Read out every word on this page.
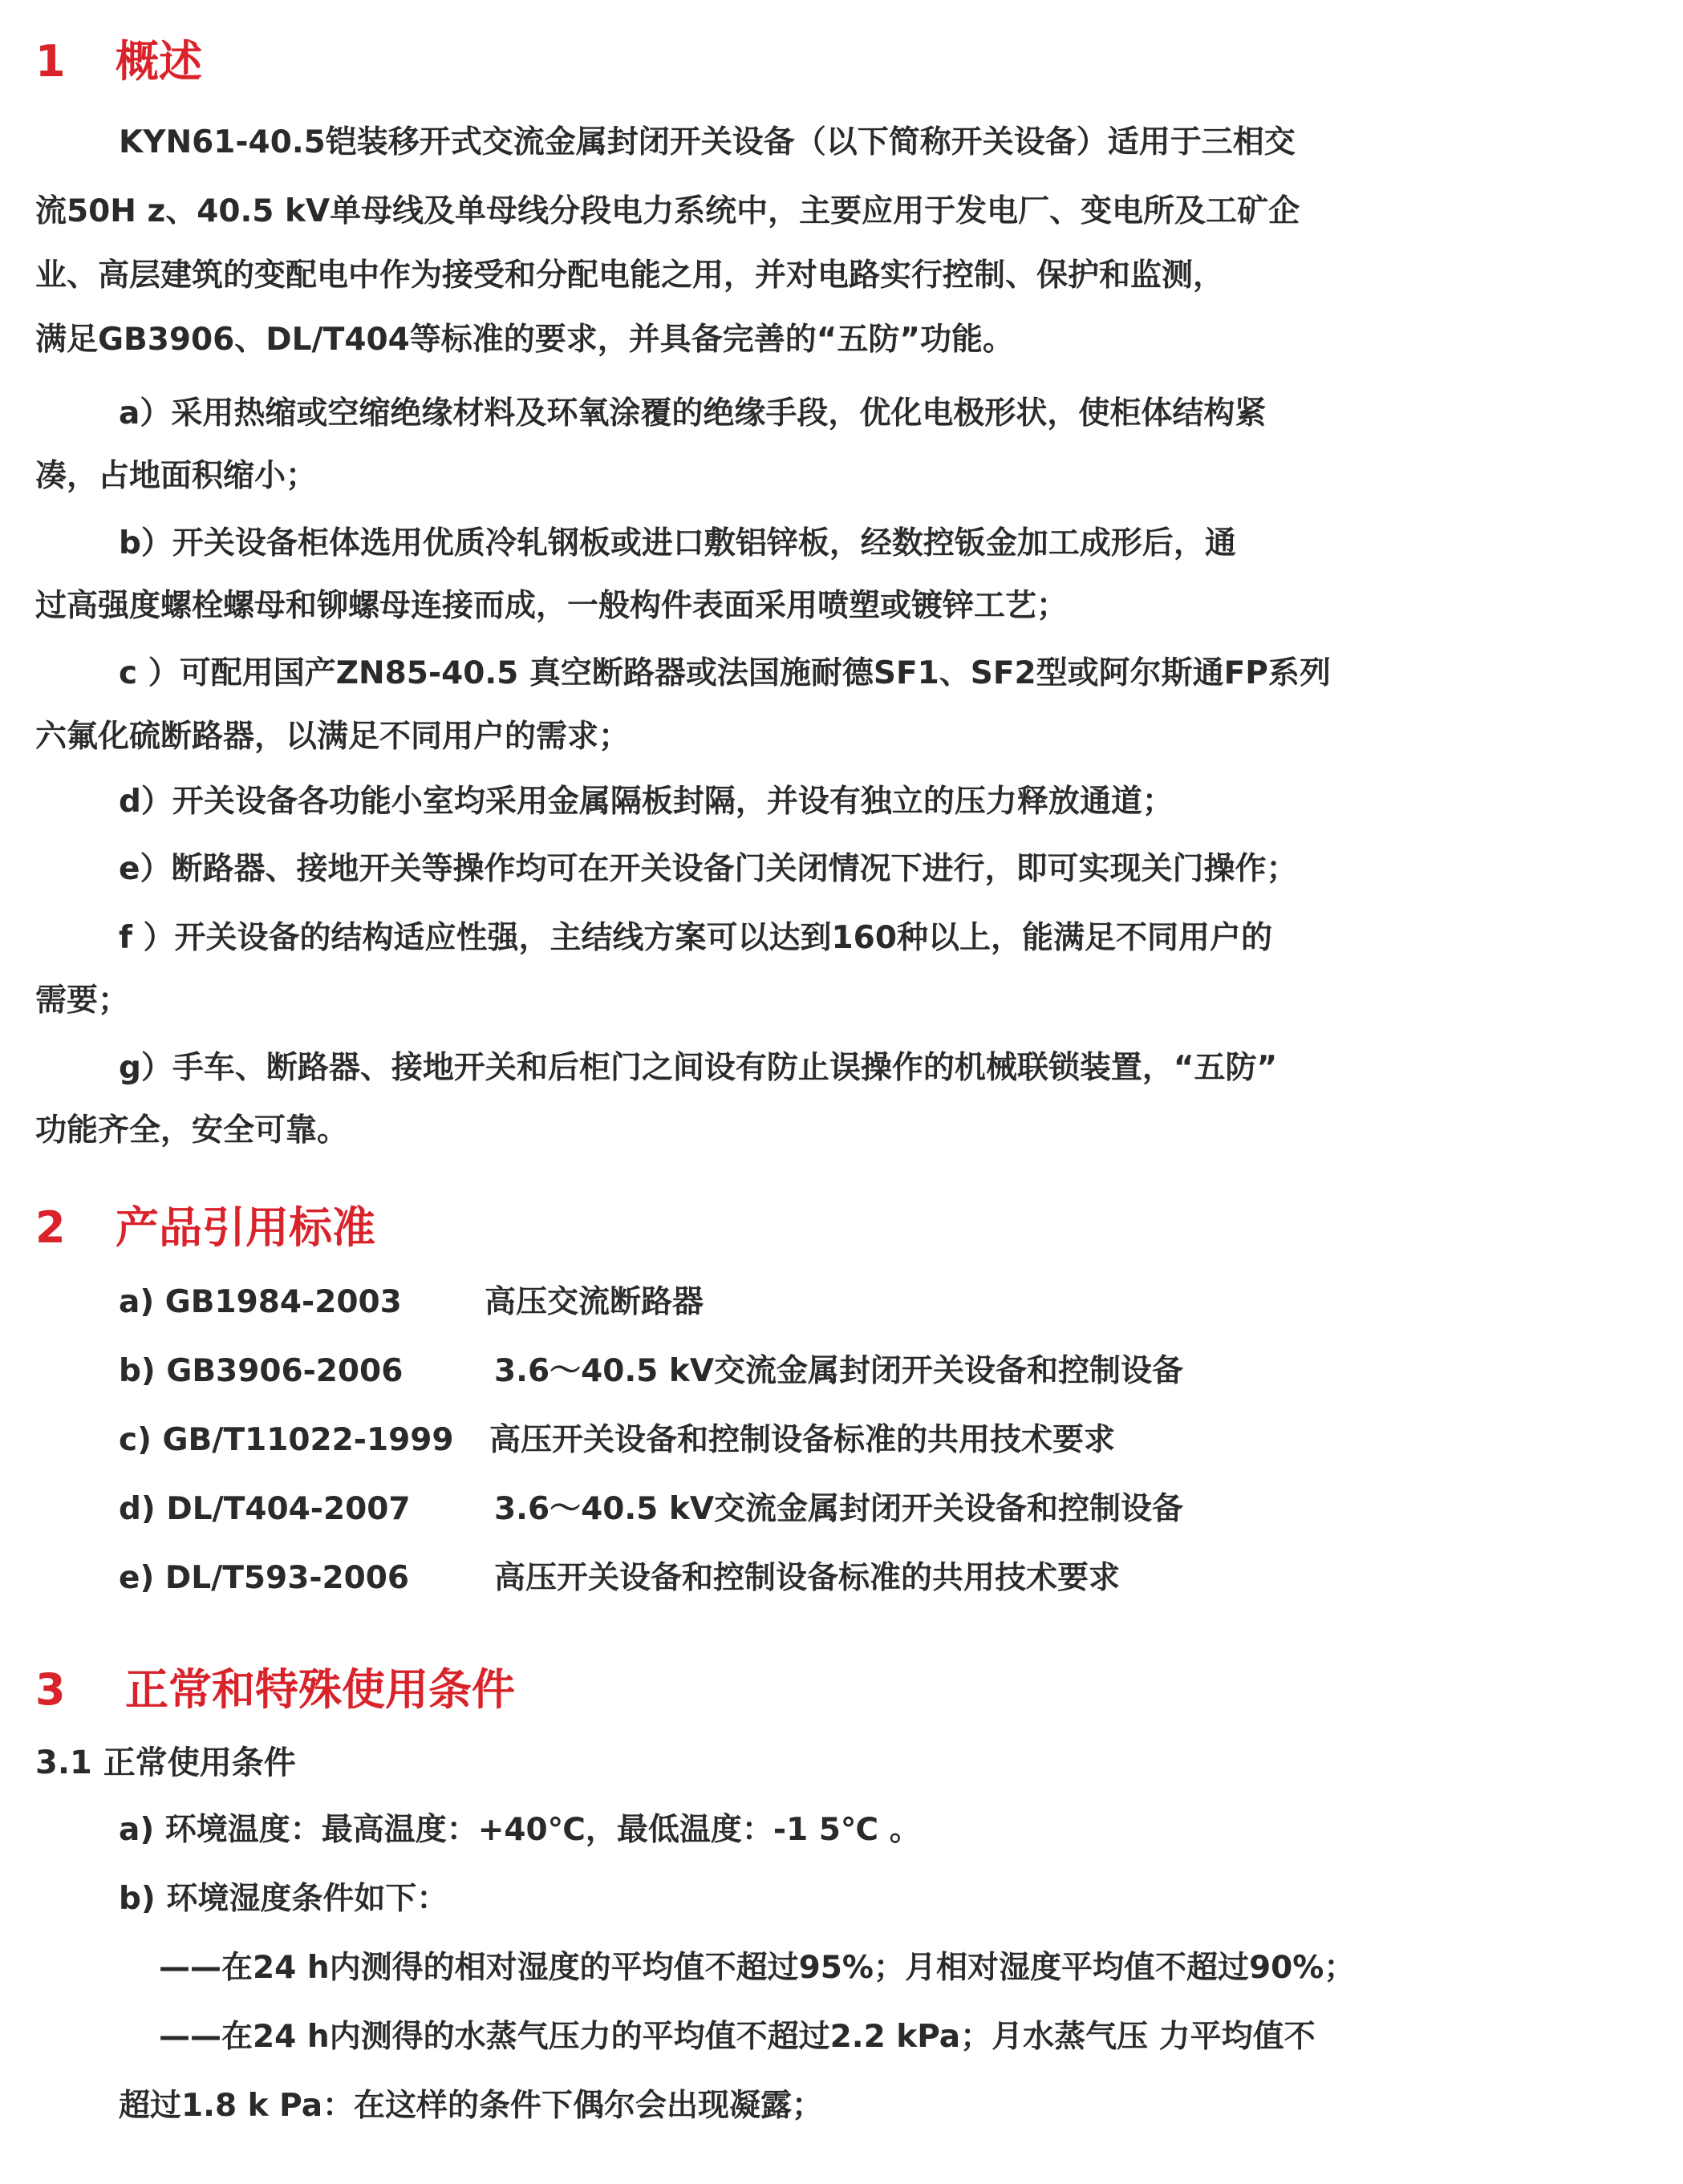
1 概述
KYN61-40.5铠装移开式交流金属封闭开关设备（以下简称开关设备）适用于三相交
流50H z、40.5 kV单母线及单母线分段电力系统中，主要应用于发电厂、变电所及工矿企
业、高层建筑的变配电中作为接受和分配电能之用，并对电路实行控制、保护和监测，
满足GB3906、DL/T404等标准的要求，并具备完善的“五防”功能。
a）采用热缩或空缩绝缘材料及环氧涂覆的绝缘手段，优化电极形状，使柜体结构紧
凑，占地面积缩小；
b）开关设备柜体选用优质冷轧钢板或进口敷铝锌板，经数控钣金加工成形后，通
过高强度螺栓螺母和铆螺母连接而成，一般构件表面采用喷塑或镀锌工艺；
c ）可配用国产ZN85-40.5 真空断路器或法国施耐德SF1、SF2型或阿尔斯通FP系列
六氟化硫断路器，以满足不同用户的需求；
d）开关设备各功能小室均采用金属隔板封隔，并设有独立的压力释放通道；
e）断路器、接地开关等操作均可在开关设备门关闭情况下进行，即可实现关门操作；
f ）开关设备的结构适应性强，主结线方案可以达到160种以上，能满足不同用户的
需要；
g）手车、断路器、接地开关和后柜门之间设有防止误操作的机械联锁装置，“五防”
功能齐全，安全可靠。
2 产品引用标准
a) GB1984-2003	高压交流断路器
b) GB3906-2006	3.6～40.5 kV交流金属封闭开关设备和控制设备
c) GB/T11022-1999 高压开关设备和控制设备标准的共用技术要求
d) DL/T404-2007	3.6～40.5 kV交流金属封闭开关设备和控制设备
e) DL/T593-2006	高压开关设备和控制设备标准的共用技术要求
3 正常和特殊使用条件
3.1 正常使用条件
a) 环境温度：最高温度：+40℃，最低温度：-1 5℃ 。
b) 环境湿度条件如下：
——在24 h内测得的相对湿度的平均值不超过95%；月相对湿度平均值不超过90%；
——在24 h内测得的水蒸气压力的平均值不超过2.2 kPa；月水蒸气压 力平均值不
超过1.8 k Pa：在这样的条件下偶尔会出现凝露；
